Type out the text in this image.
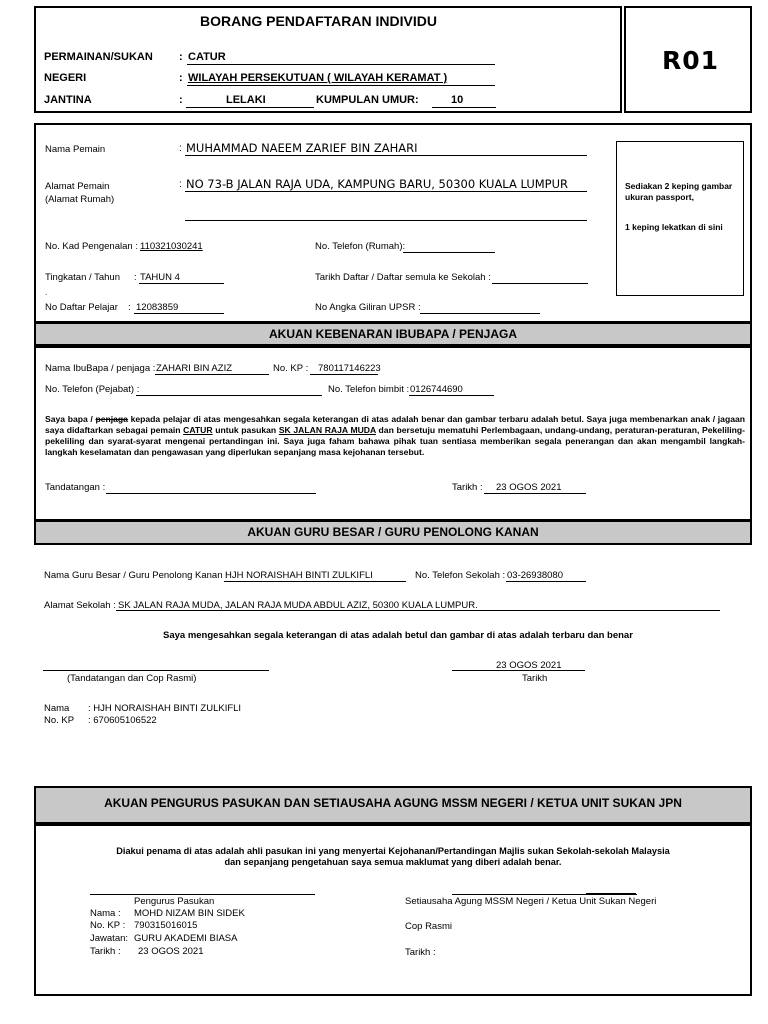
BORANG PENDAFTARAN INDIVIDU
R01
PERMAINAN/SUKAN : CATUR
NEGERI	: WILAYAH PERSEKUTUAN ( WILAYAH KERAMAT )
JANTINA	:	LELAKI	KUMPULAN UMUR:	10
Sediakan 2 keping gambar ukuran passport,
1 keping lekatkan di sini
Nama Pemain	: MUHAMMAD NAEEM ZARIEF BIN ZAHARI
Alamat Pemain
(Alamat Rumah)
: NO 73-B JALAN RAJA UDA, KAMPUNG BARU, 50300 KUALA LUMPUR
No. Kad Pengenalan : 110321030241	No. Telefon (Rumah):
Tingkatan / Tahun : TAHUN 4	Tarikh Daftar / Daftar semula ke Sekolah :
.
No Daftar Pelajar : 12083859	No Angka Giliran UPSR :
AKUAN KEBENARAN IBUBAPA / PENJAGA
Nama IbuBapa / penjaga : ZAHARI BIN AZIZ	No. KP : 780117146223
No. Telefon (Pejabat) :	No. Telefon bimbit : 0126744690
Saya bapa / penjaga kepada pelajar di atas mengesahkan segala keterangan di atas adalah benar dan gambar terbaru adalah betul. Saya juga membenarkan anak / jagaan saya didaftarkan sebagai pemain CATUR untuk pasukan SK JALAN RAJA MUDA dan bersetuju mematuhi Perlembagaan, undang-undang, peraturan-peraturan, Pekeliling-pekeliling dan syarat-syarat mengenai pertandingan ini. Saya juga faham bahawa pihak tuan sentiasa memberikan segala penerangan dan akan mengambil langkah-langkah keselamatan dan pengawasan yang diperlukan sepanjang masa kejohanan tersebut.
Tandatangan :	Tarikh : 23 OGOS 2021
AKUAN GURU BESAR / GURU PENOLONG KANAN
Nama Guru Besar / Guru Penolong Kanan :
HJH NORAISHAH BINTI ZULKIFLI	No. Telefon Sekolah : 03-26938080
Alamat Sekolah : SK JALAN RAJA MUDA, JALAN RAJA MUDA ABDUL AZIZ, 50300 KUALA LUMPUR.
Saya mengesahkan segala keterangan di atas adalah betul dan gambar di atas adalah terbaru dan benar
(Tandatangan dan Cop Rasmi)
23 OGOS 2021
Tarikh
Nama : HJH NORAISHAH BINTI ZULKIFLI
No. KP : 670605106522
AKUAN PENGURUS PASUKAN DAN SETIAUSAHA AGUNG MSSM NEGERI / KETUA UNIT SUKAN JPN
Diakui penama di atas adalah ahli pasukan ini yang menyertai Kejohanan/Pertandingan Majlis sukan Sekolah-sekolah Malaysia
dan sepanjang pengetahuan saya semua maklumat yang diberi adalah benar.
Pengurus Pasukan
Nama : MOHD NIZAM BIN SIDEK
No. KP : 790315016015
Jawatan: GURU AKADEMI BIASA
Tarikh : 23 OGOS 2021
Setiausaha Agung MSSM Negeri / Ketua Unit Sukan Negeri
Cop Rasmi
Tarikh :
